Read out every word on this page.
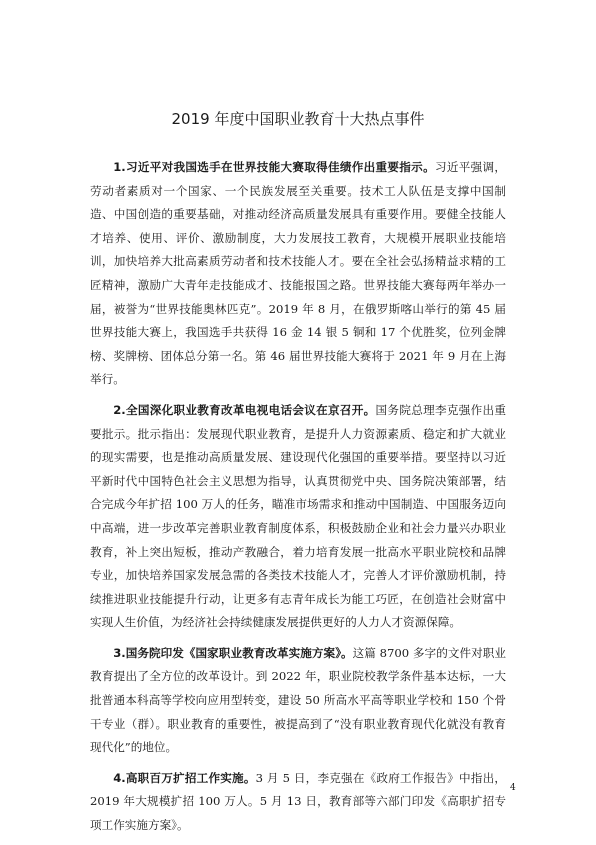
2019 年度中国职业教育十大热点事件

1.习近平对我国选手在世界技能大赛取得佳绩作出重要指示。习近平强调，劳动者素质对一个国家、一个民族发展至关重要。技术工人队伍是支撑中国制造、中国创造的重要基础，对推动经济高质量发展具有重要作用。要健全技能人才培养、使用、评价、激励制度，大力发展技工教育，大规模开展职业技能培训，加快培养大批高素质劳动者和技术技能人才。要在全社会弘扬精益求精的工匠精神，激励广大青年走技能成才、技能报国之路。世界技能大赛每两年举办一届，被誉为“世界技能奥林匹克”。2019 年 8 月，在俄罗斯喀山举行的第 45 届世界技能大赛上，我国选手共获得 16 金 14 银 5 铜和 17 个优胜奖，位列金牌榜、奖牌榜、团体总分第一名。第 46 届世界技能大赛将于 2021 年 9 月在上海举行。

2.全国深化职业教育改革电视电话会议在京召开。国务院总理李克强作出重要批示。批示指出：发展现代职业教育，是提升人力资源素质、稳定和扩大就业的现实需要，也是推动高质量发展、建设现代化强国的重要举措。要坚持以习近平新时代中国特色社会主义思想为指导，认真贯彻党中央、国务院决策部署，结合完成今年扩招 100 万人的任务，瞄准市场需求和推动中国制造、中国服务迈向中高端，进一步改革完善职业教育制度体系，积极鼓励企业和社会力量兴办职业教育，补上突出短板，推动产教融合，着力培育发展一批高水平职业院校和品牌专业，加快培养国家发展急需的各类技术技能人才，完善人才评价激励机制，持续推进职业技能提升行动，让更多有志青年成长为能工巧匠，在创造社会财富中实现人生价值，为经济社会持续健康发展提供更好的人力人才资源保障。

3.国务院印发《国家职业教育改革实施方案》。这篇 8700 多字的文件对职业教育提出了全方位的改革设计。到 2022 年，职业院校教学条件基本达标，一大批普通本科高等学校向应用型转变，建设 50 所高水平高等职业学校和 150 个骨干专业（群）。职业教育的重要性，被提高到了“没有职业教育现代化就没有教育现代化”的地位。

4.高职百万扩招工作实施。3 月 5 日，李克强在《政府工作报告》中指出，2019 年大规模扩招 100 万人。5 月 13 日，教育部等六部门印发《高职扩招专项工作实施方案》。

4
